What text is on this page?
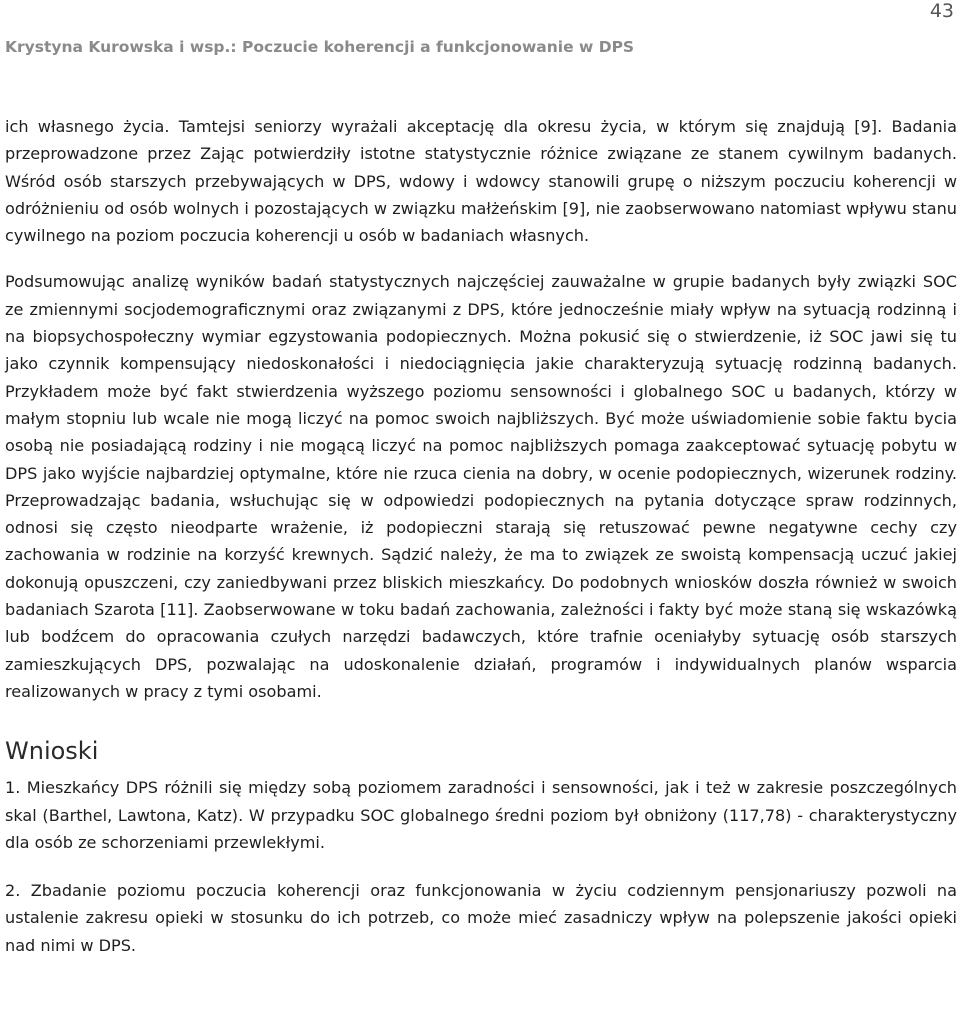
43
Krystyna Kurowska i wsp.: Poczucie koherencji a funkcjonowanie w DPS

ich własnego życia. Tamtejsi seniorzy wyrażali akceptację dla okresu życia, w którym się znajdują [9]. Badania przeprowadzone przez Zając potwierdziły istotne statystycznie różnice związane ze stanem cywilnym badanych. Wśród osób starszych przebywających w DPS, wdowy i wdowcy stanowili grupę o niższym poczuciu koherencji w odróżnieniu od osób wolnych i pozostających w związku małżeńskim [9], nie zaobserwowano natomiast wpływu stanu cywilnego na poziom poczucia koherencji u osób w badaniach własnych.

Podsumowując analizę wyników badań statystycznych najczęściej zauważalne w grupie badanych były związki SOC ze zmiennymi socjodemograficznymi oraz związanymi z DPS, które jednocześnie miały wpływ na sytuacją rodzinną i na biopsychospołeczny wymiar egzystowania podopiecznych. Można pokusić się o stwierdzenie, iż SOC jawi się tu jako czynnik kompensujący niedoskonałości i niedociągnięcia jakie charakteryzują sytuację rodzinną badanych. Przykładem może być fakt stwierdzenia wyższego poziomu sensowności i globalnego SOC u badanych, którzy w małym stopniu lub wcale nie mogą liczyć na pomoc swoich najbliższych. Być może uświadomienie sobie faktu bycia osobą nie posiadającą rodziny i nie mogącą liczyć na pomoc najbliższych pomaga zaakceptować sytuację pobytu w DPS jako wyjście najbardziej optymalne, które nie rzuca cienia na dobry, w ocenie podopiecznych, wizerunek rodziny. Przeprowadzając badania, wsłuchując się w odpowiedzi podopiecznych na pytania dotyczące spraw rodzinnych, odnosi się często nieodparte wrażenie, iż podopieczni starają się retuszować pewne negatywne cechy czy zachowania w rodzinie na korzyść krewnych. Sądzić należy, że ma to związek ze swoistą kompensacją uczuć jakiej dokonują opuszczeni, czy zaniedbywani przez bliskich mieszkańcy. Do podobnych wniosków doszła również w swoich badaniach Szarota [11]. Zaobserwowane w toku badań zachowania, zależności i fakty być może staną się wskazówką lub bodźcem do opracowania czułych narzędzi badawczych, które trafnie oceniałyby sytuację osób starszych zamieszkujących DPS, pozwalając na udoskonalenie działań, programów i indywidualnych planów wsparcia realizowanych w pracy z tymi osobami.

Wnioski

1. Mieszkańcy DPS różnili się między sobą poziomem zaradności i sensowności, jak i też w zakresie poszczególnych skal (Barthel, Lawtona, Katz). W przypadku SOC globalnego średni poziom był obniżony (117,78) - charakterystyczny dla osób ze schorzeniami przewlekłymi.

2. Zbadanie poziomu poczucia koherencji oraz funkcjonowania w życiu codziennym pensjonariuszy pozwoli na ustalenie zakresu opieki w stosunku do ich potrzeb, co może mieć zasadniczy wpływ na polepszenie jakości opieki nad nimi w DPS.
